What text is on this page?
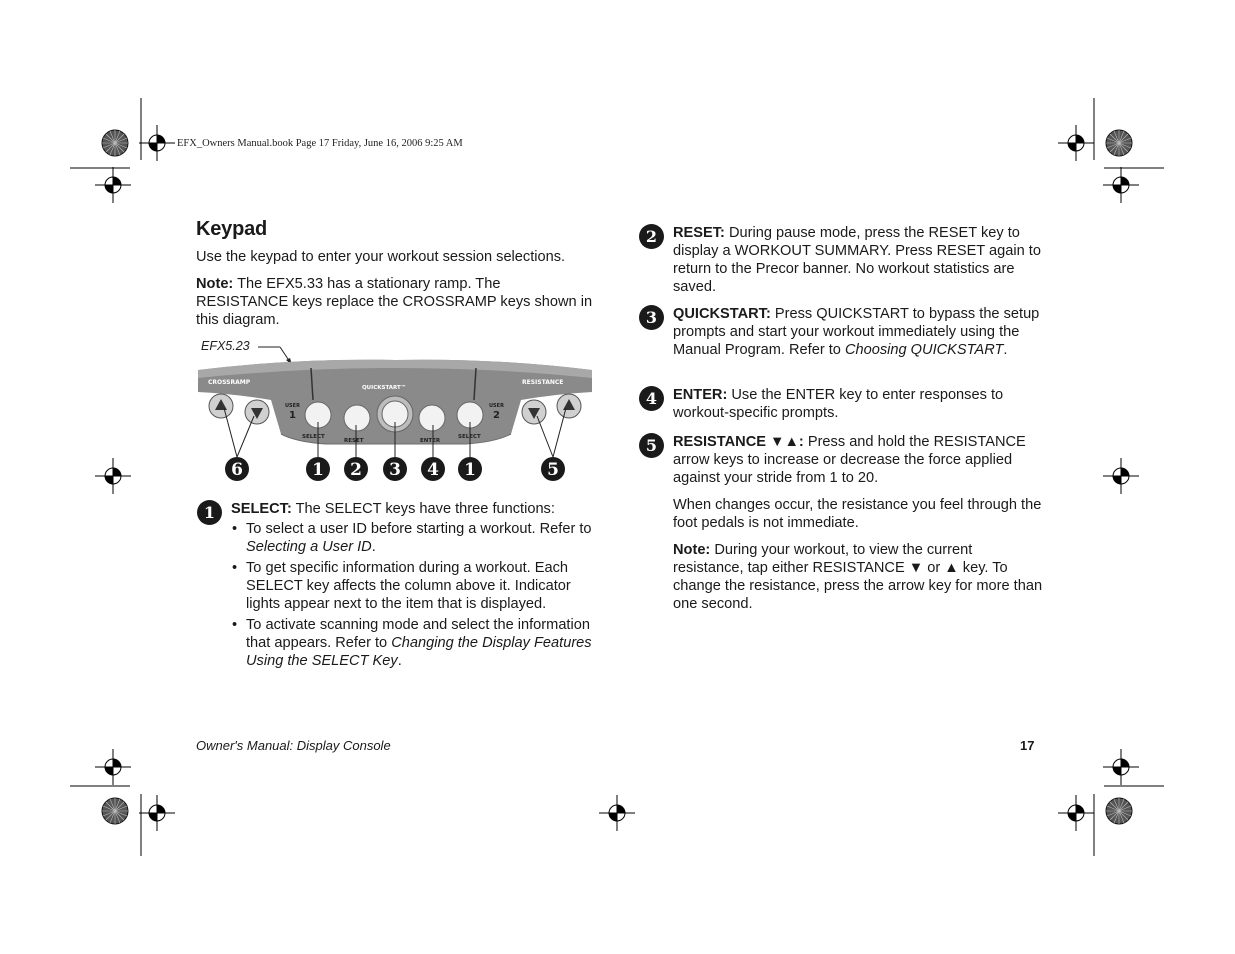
EFX_Owners Manual.book Page 17 Friday, June 16, 2006 9:25 AM
Keypad

Use the keypad to enter your workout session selections.

Note: The EFX5.33 has a stationary ramp. The RESISTANCE keys replace the CROSSRAMP keys shown in this diagram.

EFX5.23
CROSSRAMP	RESISTANCE
QUICKSTART™
USER
1
USER
2
SELECT
RESET	ENTER
SELECT
6	1 2 3 4 1	5
1	SELECT: The SELECT keys have three functions:

• To select a user ID before starting a workout. Refer to Selecting a User ID.
• To get specific information during a workout. Each SELECT key affects the column above it. Indicator lights appear next to the item that is displayed.
• To activate scanning mode and select the information that appears. Refer to Changing the Display Features Using the SELECT Key.
2	RESET: During pause mode, press the RESET key to display a WORKOUT SUMMARY. Press RESET again to return to the Precor banner. No workout statistics are saved.

3	QUICKSTART: Press QUICKSTART to bypass the setup prompts and start your workout immediately using the Manual Program. Refer to Choosing QUICKSTART.

4	ENTER: Use the ENTER key to enter responses to workout-specific prompts.

5	RESISTANCE ▼▲: Press and hold the RESISTANCE arrow keys to increase or decrease the force applied against your stride from 1 to 20.

When changes occur, the resistance you feel through the foot pedals is not immediate.

Note: During your workout, to view the current resistance, tap either RESISTANCE ▼ or ▲ key. To change the resistance, press the arrow key for more than one second.

Owner's Manual: Display Console	17
